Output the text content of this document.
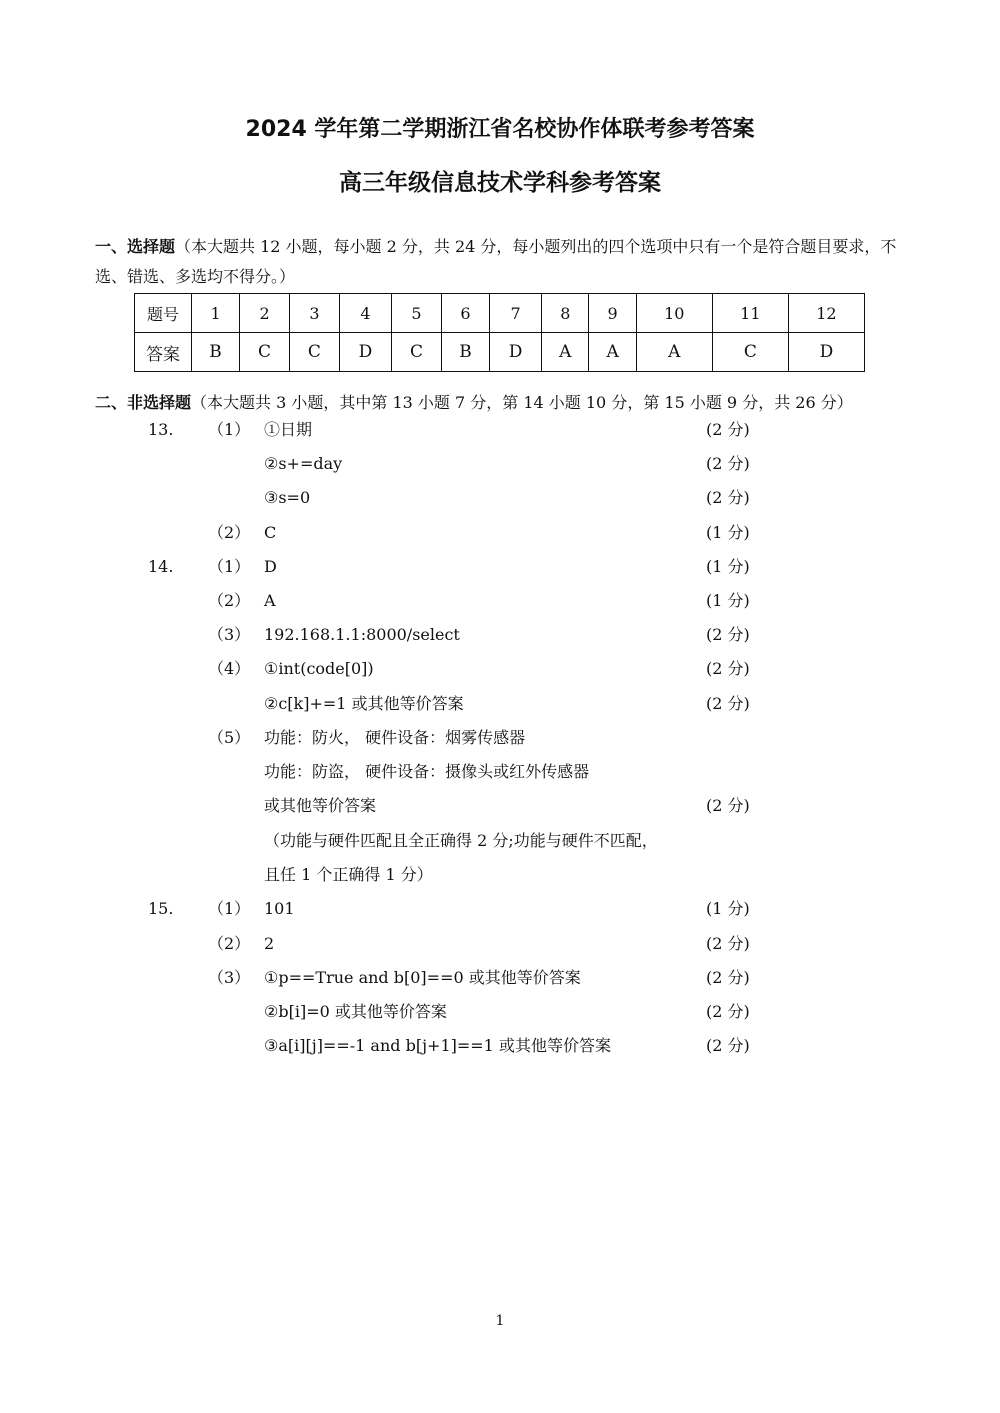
2024 学年第二学期浙江省名校协作体联考参考答案
高三年级信息技术学科参考答案
一、选择题（本大题共 12 小题，每小题 2 分，共 24 分，每小题列出的四个选项中只有一个是符合题目要求，不选、错选、多选均不得分。）
题号	1	2	3	4	5	6	7	8	9	10	11	12
答案	B	C	C	D	C	B	D	A	A	A	C	D
二、非选择题（本大题共 3 小题，其中第 13 小题 7 分，第 14 小题 10 分，第 15 小题 9 分，共 26 分）
13. （1） ①日期	(2 分)
②s+=day	(2 分)
③s=0	(2 分)
（2） C	(1 分)
14. （1） D	(1 分)
（2） A	(1 分)
（3） 192.168.1.1:8000/select	(2 分)
（4） ①int(code[0])	(2 分)
②c[k]+=1 或其他等价答案	(2 分)
（5） 功能：防火， 硬件设备：烟雾传感器
功能：防盗， 硬件设备：摄像头或红外传感器
或其他等价答案	(2 分)
（功能与硬件匹配且全正确得 2 分;功能与硬件不匹配，
且任 1 个正确得 1 分）
15. （1） 101	(1 分)
（2） 2	(2 分)
（3） ①p==True and b[0]==0 或其他等价答案	(2 分)
②b[i]=0 或其他等价答案	(2 分)
③a[i][j]==-1 and b[j+1]==1 或其他等价答案	(2 分)
1
